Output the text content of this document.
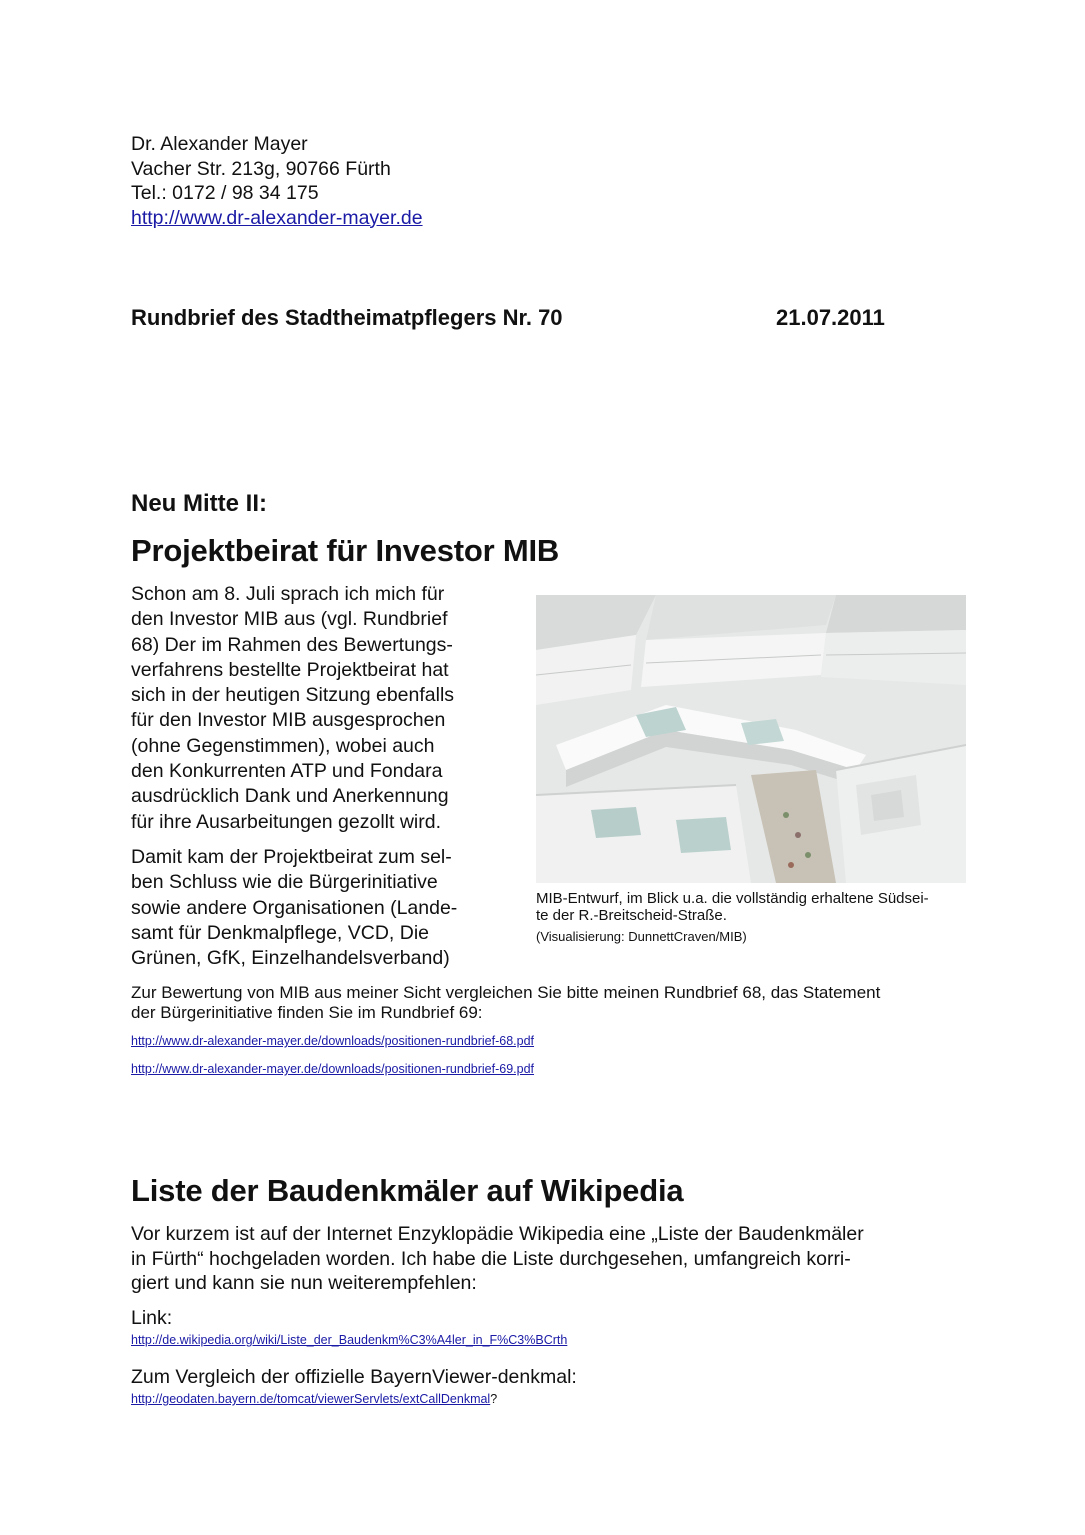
Dr. Alexander Mayer
Vacher Str. 213g, 90766 Fürth
Tel.: 0172 / 98 34 175
http://www.dr-alexander-mayer.de
Rundbrief des Stadtheimatpflegers Nr. 70	21.07.2011
Neu Mitte II:
Projektbeirat für Investor MIB
Schon am 8. Juli sprach ich mich für
den Investor MIB aus (vgl. Rundbrief
68) Der im Rahmen des Bewertungs-
verfahrens bestellte Projektbeirat hat
sich in der heutigen Sitzung ebenfalls
für den Investor MIB ausgesprochen
(ohne Gegenstimmen), wobei auch
den Konkurrenten ATP und Fondara
ausdrücklich Dank und Anerkennung
für ihre Ausarbeitungen gezollt wird.
Damit kam der Projektbeirat zum sel-
ben Schluss wie die Bürgerinitiative
sowie andere Organisationen (Lande-
samt für Denkmalpflege, VCD, Die
Grünen, GfK, Einzelhandelsverband)
MIB-Entwurf, im Blick u.a. die vollständig erhaltene Südsei-
te der R.-Breitscheid-Straße.
(Visualisierung: DunnettCraven/MIB)
Zur Bewertung von MIB aus meiner Sicht vergleichen Sie bitte meinen Rundbrief 68, das Statement
der Bürgerinitiative finden Sie im Rundbrief 69:
http://www.dr-alexander-mayer.de/downloads/positionen-rundbrief-68.pdf
http://www.dr-alexander-mayer.de/downloads/positionen-rundbrief-69.pdf
Liste der Baudenkmäler auf Wikipedia
Vor kurzem ist auf der Internet Enzyklopädie Wikipedia eine „Liste der Baudenkmäler
in Fürth“ hochgeladen worden. Ich habe die Liste durchgesehen, umfangreich korri-
giert und kann sie nun weiterempfehlen:
Link:
http://de.wikipedia.org/wiki/Liste_der_Baudenkm%C3%A4ler_in_F%C3%BCrth
Zum Vergleich der offizielle BayernViewer-denkmal:
http://geodaten.bayern.de/tomcat/viewerServlets/extCallDenkmal?
